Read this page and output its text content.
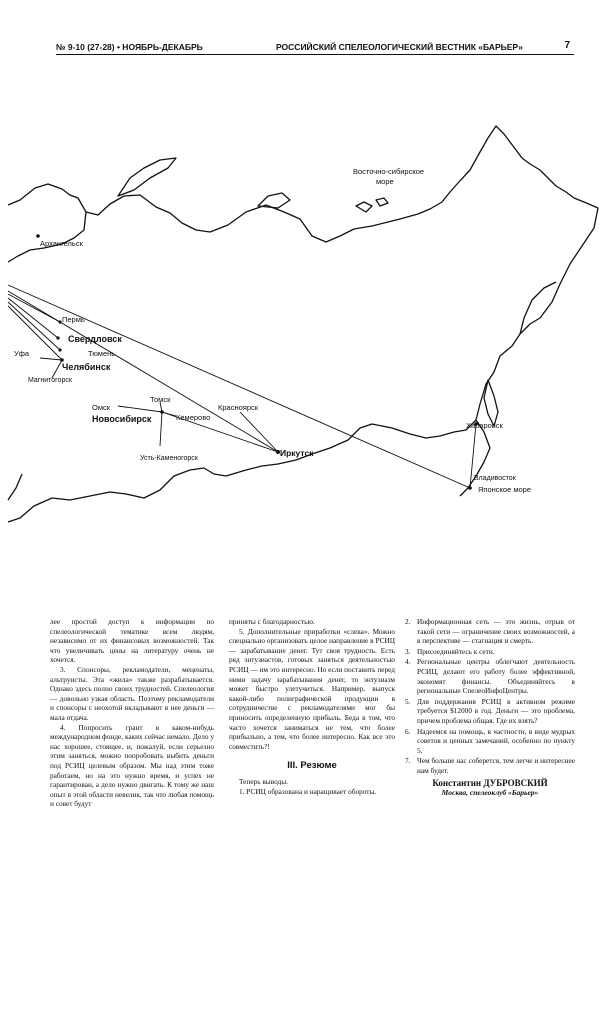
№ 9-10 (27-28) • НОЯБРЬ-ДЕКАБРЬ	РОССИЙСКИЙ СПЕЛЕОЛОГИЧЕСКИЙ ВЕСТНИК «БАРЬЕР»	7
Восточно-сибирское
море
Архангельск
Пермь
Свердловск
Уфа	Тюмень
Челябинск
Магнитогорск
Томск
Омск
Новосибирск	Кемерово
Красноярск
Иркутск
Усть-Каменогорск
Хабаровск
Владивосток
Японское море

лее простой доступ к информации по спелеологической тематике всем людям, независимо от их финансовых возможностей. Так что увеличивать цены на литературу очень не хочется.

3. Спонсоры, рекламодатели, меценаты, альтруисты. Эта «жила» также разрабатывается. Однако здесь полно своих трудностей. Спелеология — довольно узкая область. Поэтому рекламодатели и спонсоры с неохотой вкладывают в нее деньги — мала отдача.

4. Попросить грант в каком-нибудь международном фонде, каких сейчас немало. Дело у нас хорошее, стоящее, и, пожалуй, если серьезно этим заняться, можно попробовать выбить деньги под РСИЦ целевым образом. Мы над этим тоже работаем, но на это нужно время, и успех не гарантирован, а дело нужно двигать. К тому же наш опыт в этой области невелик, так что любая помощь и совет будут

приняты с благодарностью.

5. Дополнительные приработки «слева». Можно специально организовать целое направление в РСИЦ — зарабатывание денег. Тут своя трудность. Есть ряд энтузиастов, готовых заняться деятельностью РСИЦ — им это интересно. Но если поставить перед ними задачу зарабатывания денег, то энтузиазм может быстро улетучиться. Например, выпуск какой-либо полиграфической продукции в сотрудничестве с рекламодателями мог бы приносить определенную прибыль. Беда в том, что часто хочется заниматься не тем, что более прибыльно, а тем, что более интересно. Как все это совместить?!

III. Резюме

Теперь выводы.

1. РСИЦ образована и наращивает обороты.

2. Информационная сеть — это жизнь, отрыв от такой сети — ограничение своих возможностей, а в перспективе — стагнация и смерть.
3. Присоединяйтесь к сети.
4. Региональные центры облегчают деятельность РСИЦ, делают его работу более эффективной, экономят финансы. Объединяйтесь в региональные СпелеоИнфоЦентры.
5. Для поддержания РСИЦ в активном режиме требуется $12000 в год. Деньги — это проблема, причем проблема общая. Где их взять?
6. Надеемся на помощь, в частности, в виде мудрых советов и ценных замечаний, особенно по пункту 5.
7. Чем больше нас соберется, тем легче и интереснее нам будет.
Константин ДУБРОВСКИЙ
Москва, спелеоклуб «Барьер»
